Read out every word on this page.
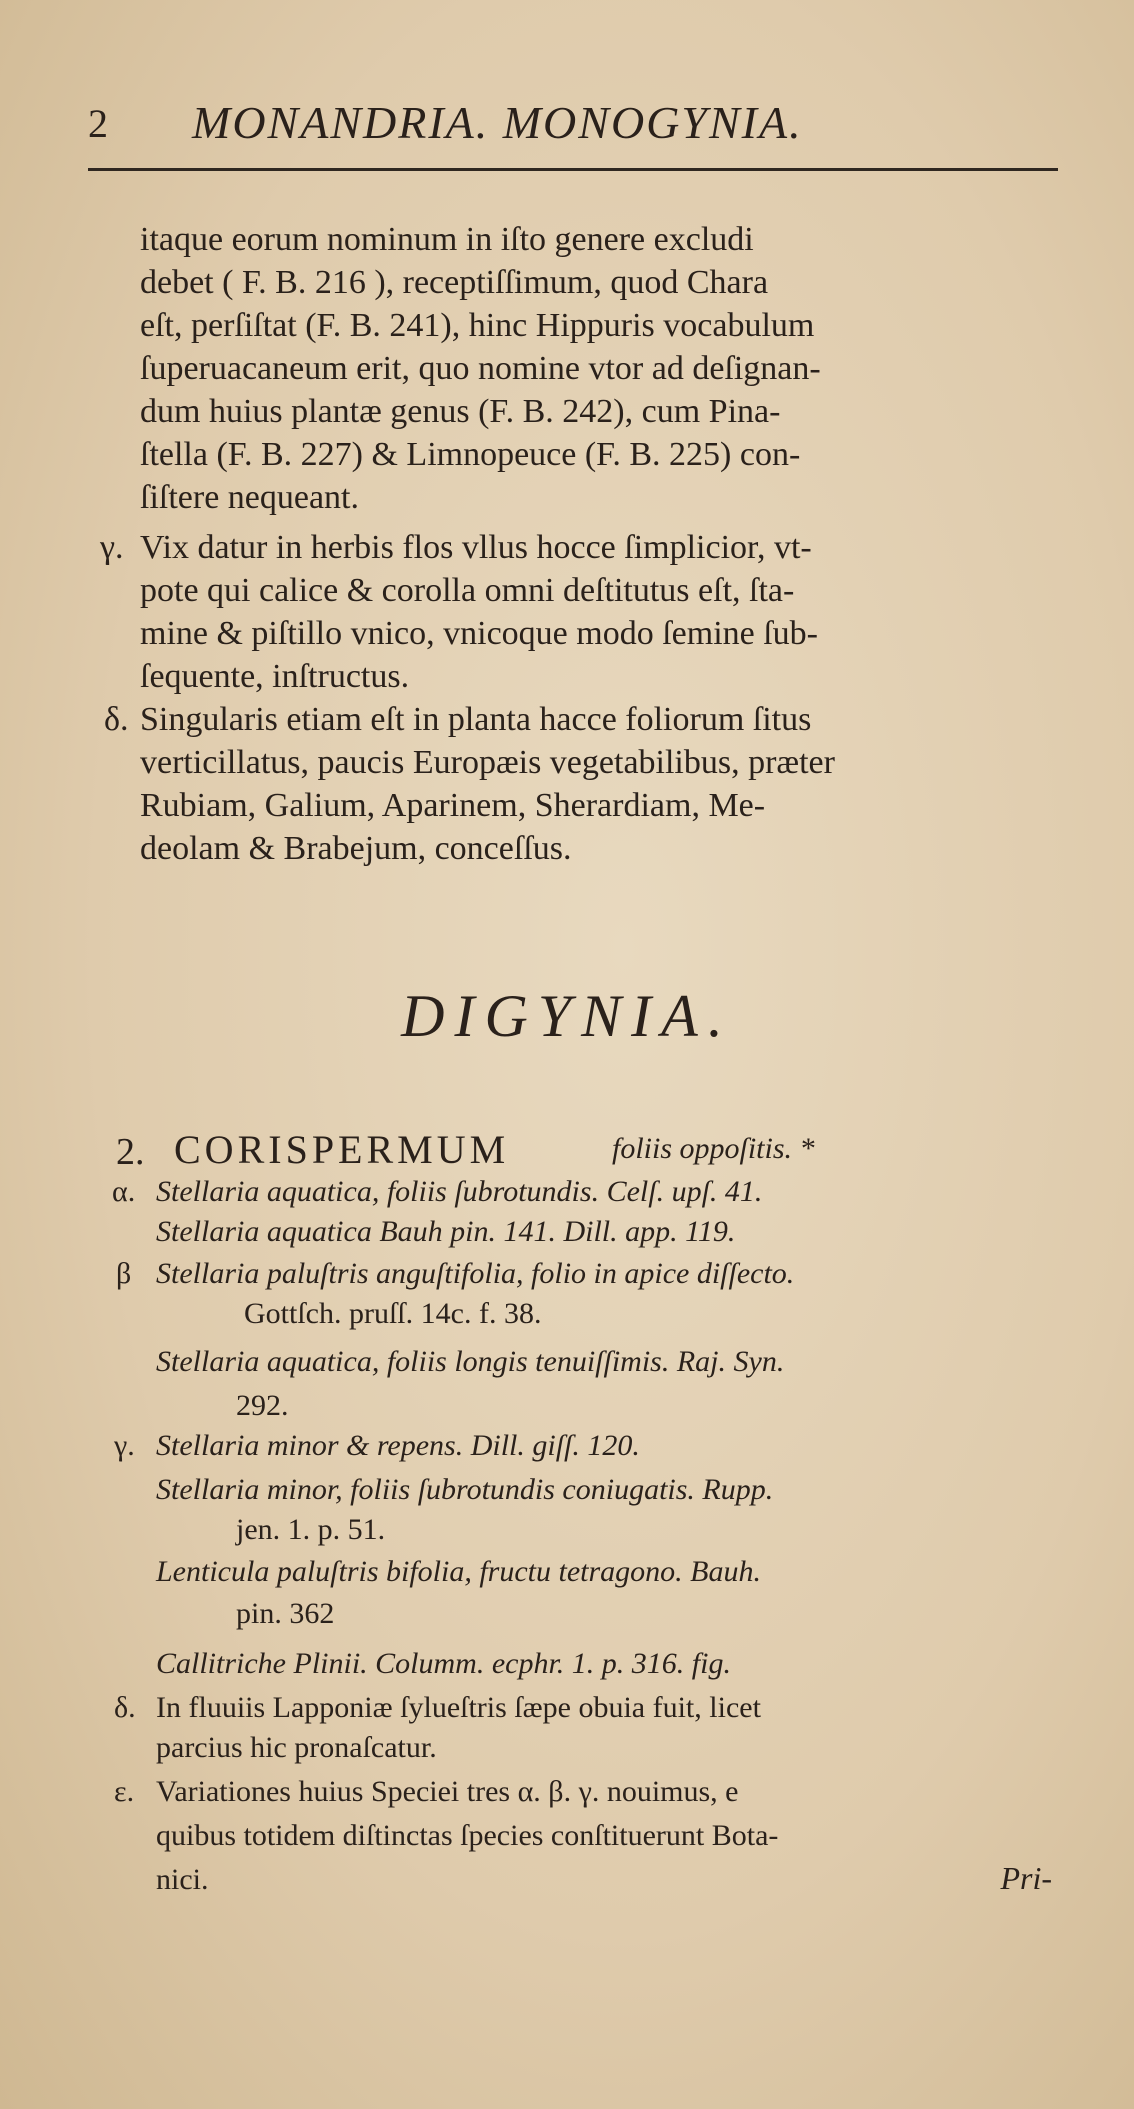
2 MONANDRIA. MONOGYNIA.
itaque eorum nominum in iſto genere excludi
debet ( F. B. 216 ), receptiſſimum, quod Chara
eſt, perſiſtat (F. B. 241), hinc Hippuris vocabulum
ſuperuacaneum erit, quo nomine vtor ad deſignan-
dum huius plantæ genus (F. B. 242), cum Pina-
ſtella (F. B. 227) & Limnopeuce (F. B. 225) con-
ſiſtere nequeant.
γ. Vix datur in herbis flos vllus hocce ſimplicior, vt-
pote qui calice & corolla omni deſtitutus eſt, ſta-
mine & piſtillo vnico, vnicoque modo ſemine ſub-
ſequente, inſtructus.
δ. Singularis etiam eſt in planta hacce foliorum ſitus
verticillatus, paucis Europæis vegetabilibus, præter
Rubiam, Galium, Aparinem, Sherardiam, Me-
deolam & Brabejum, conceſſus.
DIGYNIA.
2. CORISPERMUM	foliis oppoſitis. *
α. Stellaria aquatica, foliis ſubrotundis. Celſ. upſ. 41.
Stellaria aquatica Bauh pin. 141. Dill. app. 119.
β Stellaria paluſtris anguſtifolia, folio in apice diſſecto.
Gottſch. pruſſ. 14c. f. 38.
Stellaria aquatica, foliis longis tenuiſſimis. Raj. Syn.
292.
γ. Stellaria minor & repens. Dill. giſſ. 120.
Stellaria minor, foliis ſubrotundis coniugatis. Rupp.
jen. 1. p. 51.
Lenticula paluſtris bifolia, fructu tetragono. Bauh.
pin. 362
Callitriche Plinii. Columm. ecphr. 1. p. 316. fig.
δ. In fluuiis Lapponiæ ſylueſtris ſæpe obuia fuit, licet
parcius hic pronaſcatur.
ε. Variationes huius Speciei tres α. β. γ. nouimus, e
quibus totidem diſtinctas ſpecies conſtituerunt Bota-
nici.	Pri-
